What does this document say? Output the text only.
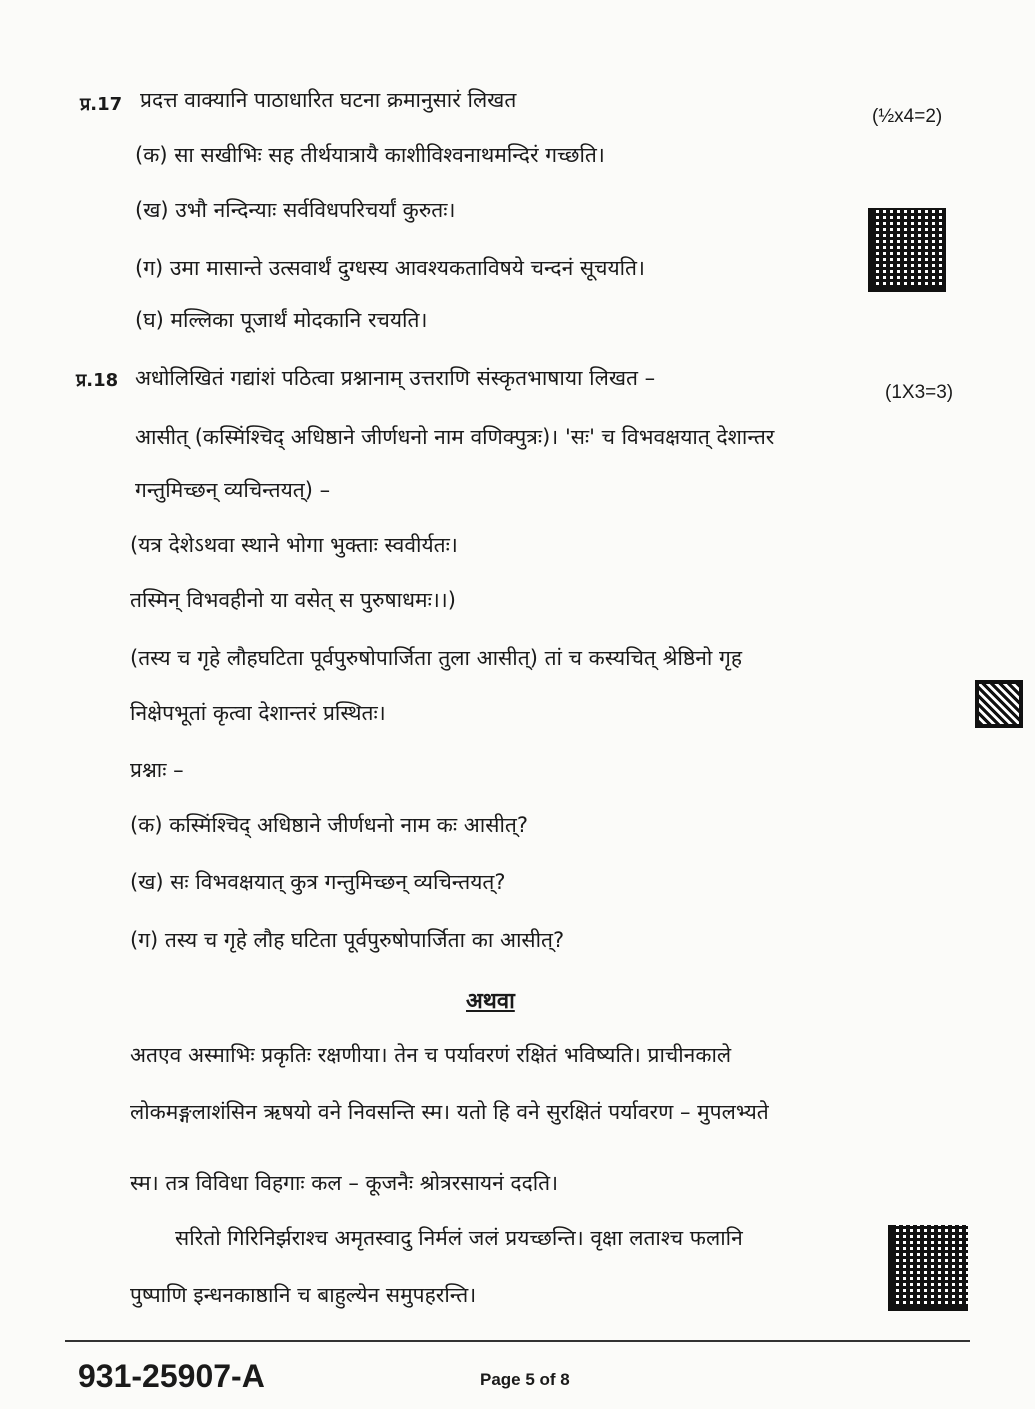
प्र.17 प्रदत्त वाक्यानि पाठाधारित घटना क्रमानुसारं लिखत
(½x4=2)
(क) सा सखीभिः सह तीर्थयात्रायै काशीविश्वनाथमन्दिरं गच्छति।
(ख) उभौ नन्दिन्याः सर्वविधपरिचर्यां कुरुतः।
(ग) उमा मासान्ते उत्सवार्थं दुग्धस्य आवश्यकताविषये चन्दनं सूचयति।
(घ) मल्लिका पूजार्थं मोदकानि रचयति।
प्र.18 अधोलिखितं गद्यांशं पठित्वा प्रश्नानाम् उत्तराणि संस्कृतभाषाया लिखत –
(1X3=3)
आसीत् (कस्मिंश्चिद् अधिष्ठाने जीर्णधनो नाम वणिक्पुत्रः)। 'सः' च विभवक्षयात् देशान्तर
गन्तुमिच्छन् व्यचिन्तयत्) –
(यत्र देशेऽथवा स्थाने भोगा भुक्ताः स्ववीर्यतः।
तस्मिन् विभवहीनो या वसेत् स पुरुषाधमः।।)
(तस्य च गृहे लौहघटिता पूर्वपुरुषोपार्जिता तुला आसीत्) तां च कस्यचित् श्रेष्ठिनो गृह
निक्षेपभूतां कृत्वा देशान्तरं प्रस्थितः।
प्रश्नाः –
(क) कस्मिंश्चिद् अधिष्ठाने जीर्णधनो नाम कः आसीत्?
(ख) सः विभवक्षयात् कुत्र गन्तुमिच्छन् व्यचिन्तयत्?
(ग) तस्य च गृहे लौह घटिता पूर्वपुरुषोपार्जिता का आसीत्?
अथवा
अतएव अस्माभिः प्रकृतिः रक्षणीया। तेन च पर्यावरणं रक्षितं भविष्यति। प्राचीनकाले
लोकमङ्गलाशंसिन ऋषयो वने निवसन्ति स्म। यतो हि वने सुरक्षितं पर्यावरण – मुपलभ्यते
स्म। तत्र विविधा विहगाः कल – कूजनैः श्रोत्ररसायनं ददति।
सरितो गिरिनिर्झराश्च अमृतस्वादु निर्मलं जलं प्रयच्छन्ति। वृक्षा लताश्च फलानि
पुष्पाणि इन्धनकाष्ठानि च बाहुल्येन समुपहरन्ति।
931-25907-A	Page 5 of 8
